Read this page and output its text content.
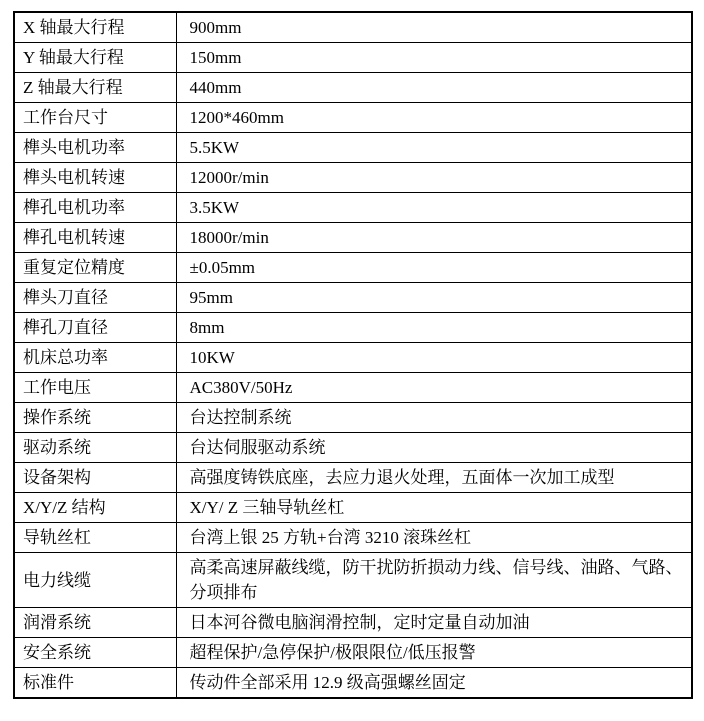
X 轴最大行程	900mm
Y 轴最大行程	150mm
Z 轴最大行程	440mm
工作台尺寸	1200*460mm
榫头电机功率	5.5KW
榫头电机转速	12000r/min
榫孔电机功率	3.5KW
榫孔电机转速	18000r/min
重复定位精度	±0.05mm
榫头刀直径	95mm
榫孔刀直径	8mm
机床总功率	10KW
工作电压	AC380V/50Hz
操作系统	台达控制系统
驱动系统	台达伺服驱动系统
设备架构	高强度铸铁底座，去应力退火处理，五面体一次加工成型
X/Y/Z 结构	X/Y/ Z 三轴导轨丝杠
导轨丝杠	台湾上银 25 方轨+台湾 3210 滚珠丝杠
电力线缆	高柔高速屏蔽线缆，防干扰防折损动力线、信号线、油路、气路、分项排布
润滑系统	日本河谷微电脑润滑控制，定时定量自动加油
安全系统	超程保护/急停保护/极限限位/低压报警
标准件	传动件全部采用 12.9 级高强螺丝固定
